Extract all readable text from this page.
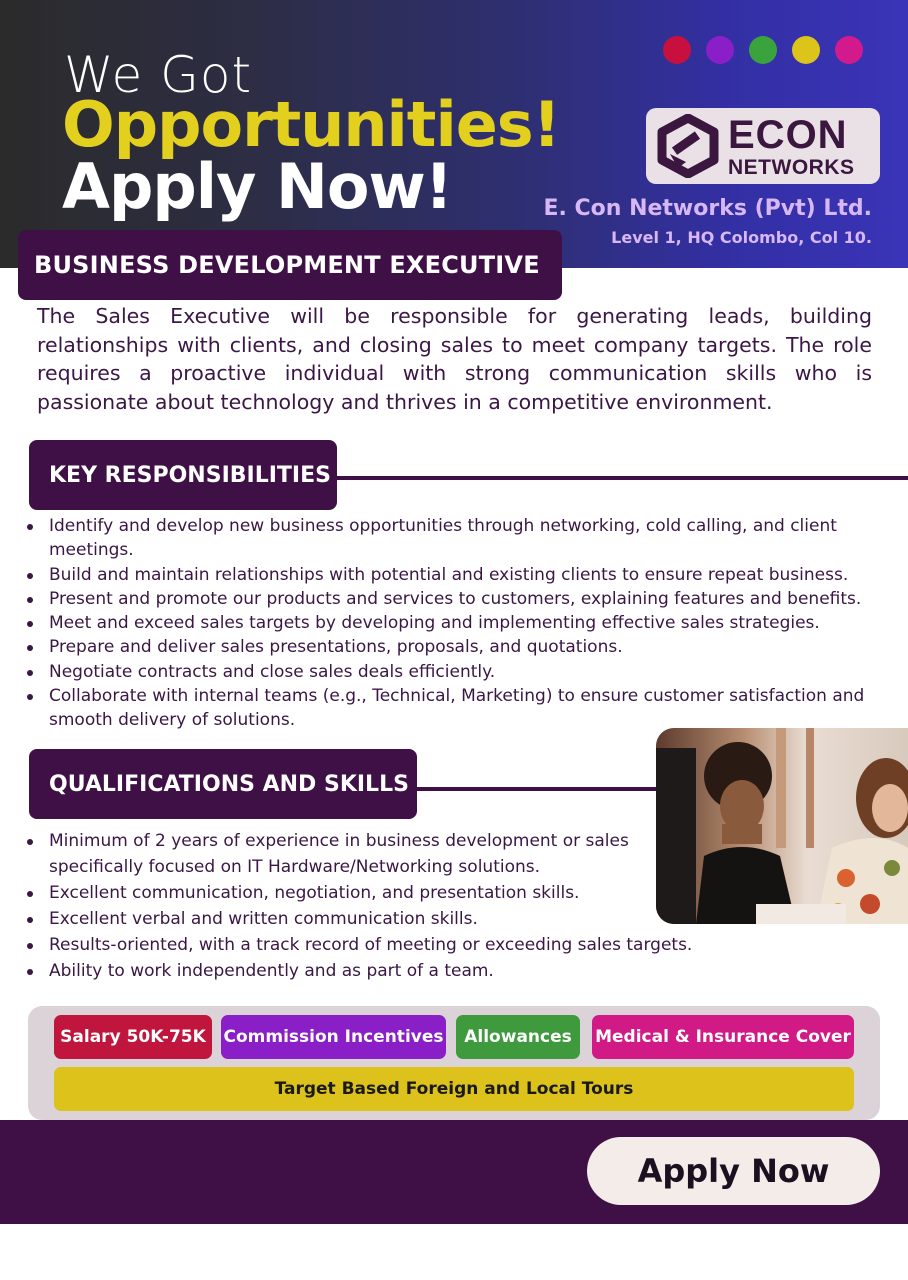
We Got
Opportunities!
Apply Now!
ECON
NETWORKS
E. Con Networks (Pvt) Ltd.
Level 1, HQ Colombo, Col 10.
BUSINESS DEVELOPMENT EXECUTIVE

The Sales Executive will be responsible for generating leads, building relationships with clients, and closing sales to meet company targets. The role requires a proactive individual with strong communication skills who is passionate about technology and thrives in a competitive environment.

KEY RESPONSIBILITIES
Identify and develop new business opportunities through networking, cold calling, and client meetings.
Build and maintain relationships with potential and existing clients to ensure repeat business.
Present and promote our products and services to customers, explaining features and benefits.
Meet and exceed sales targets by developing and implementing effective sales strategies.
Prepare and deliver sales presentations, proposals, and quotations.
Negotiate contracts and close sales deals efficiently.
Collaborate with internal teams (e.g., Technical, Marketing) to ensure customer satisfaction and smooth delivery of solutions.
QUALIFICATIONS AND SKILLS
Minimum of 2 years of experience in business development or sales specifically focused on IT Hardware/Networking solutions.
Excellent communication, negotiation, and presentation skills.
Excellent verbal and written communication skills.
Results-oriented, with a track record of meeting or exceeding sales targets.
Ability to work independently and as part of a team.
Salary 50K-75K	Commission Incentives	Allowances	Medical & Insurance Cover
Target Based Foreign and Local Tours
Apply Now
